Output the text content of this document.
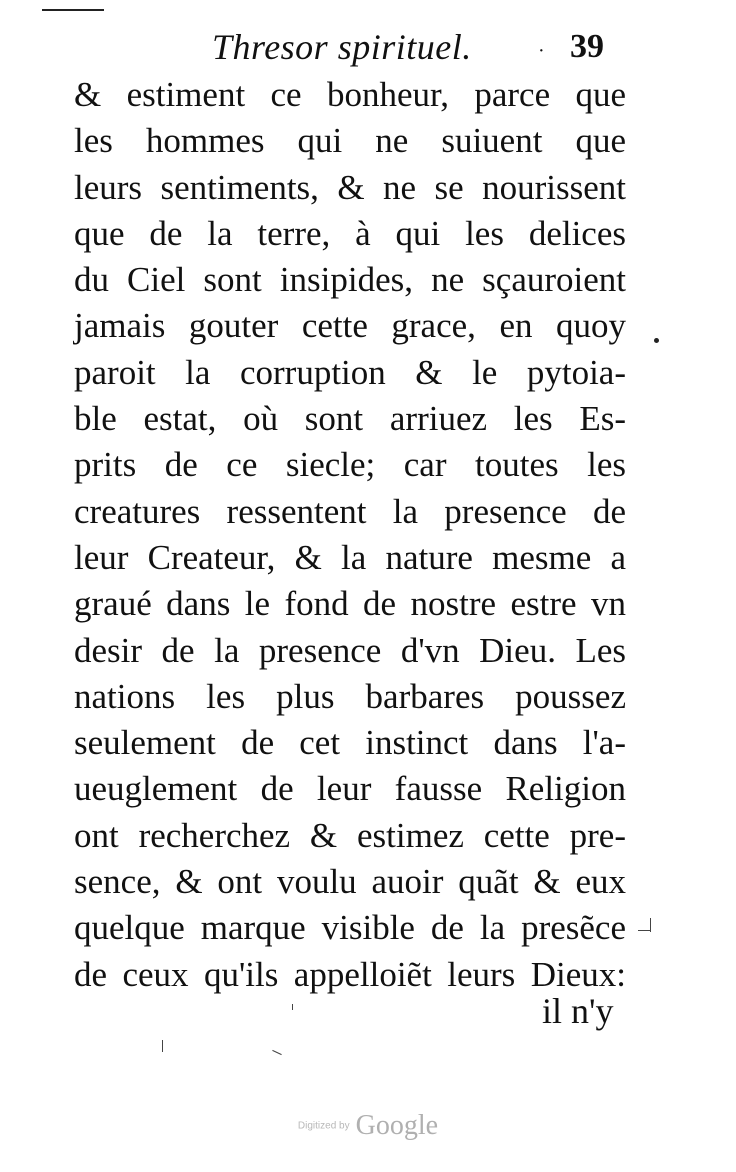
Thresor spirituel.	· 39
& estiment ce bonheur, parce que
les hommes qui ne suiuent que
leurs sentiments, & ne se nourissent
que de la terre, à qui les delices
du Ciel sont insipides, ne sçauroient
jamais gouter cette grace, en quoy
paroit la corruption & le pytoia-
ble estat, où sont arriuez les Es-
prits de ce siecle; car toutes les
creatures ressentent la presence de
leur Createur, & la nature mesme a
graué dans le fond de nostre estre vn
desir de la presence d'vn Dieu. Les
nations les plus barbares poussez
seulement de cet instinct dans l'a-
ueuglement de leur fausse Religion
ont recherchez & estimez cette pre-
sence, & ont voulu auoir quãt & eux
quelque marque visible de la presẽce
de ceux qu'ils appelloiẽt leurs Dieux:
il n'y
Digitized by Google
